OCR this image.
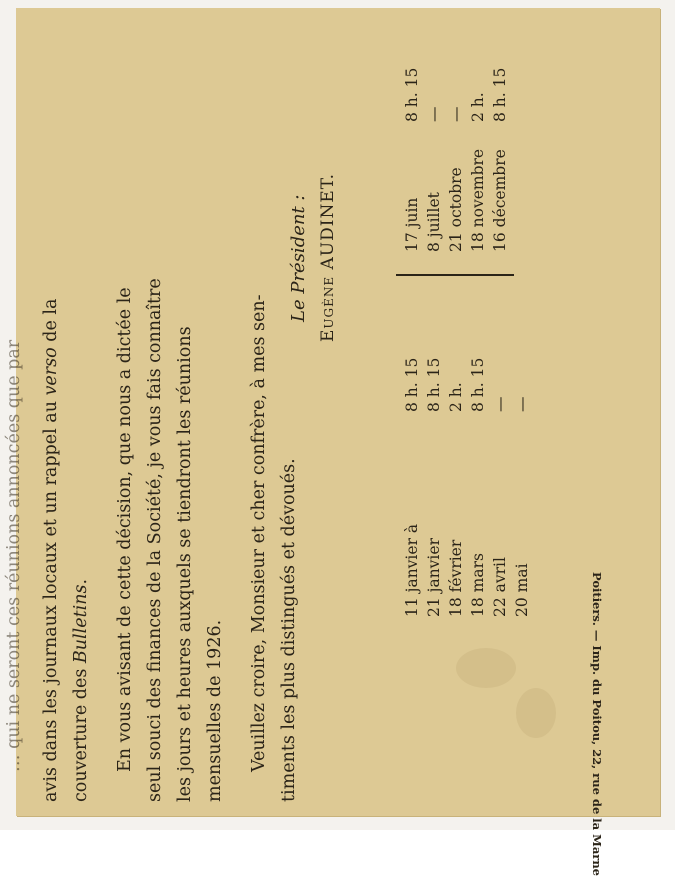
… qui ne seront ces réunions annoncées que par avis dans les journaux locaux et un rappel au verso de la
couverture des Bulletins. En vous avisant de cette décision, que nous a dictée le seul souci des finances de la Société, je vous fais connaître les jours et heures auxquels se tiendront les réunions mensuelles de 1926. Veuillez croire, Monsieur et cher confrère, à mes sen- timents les plus distingués et dévoués.
Le Président : Eugène AUDINET.
11 janvier à 21 janvier 18 février 18 mars 22 avril 20 mai
8 h. 15 8 h. 15 2 h. 8 h. 15 — —
17 juin 8 juillet 21 octobre 18 novembre 16 décembre
8 h. 15 — — 2 h. 8 h. 15
Poitiers. — Imp. du Poitou, 22, rue de la Marne
